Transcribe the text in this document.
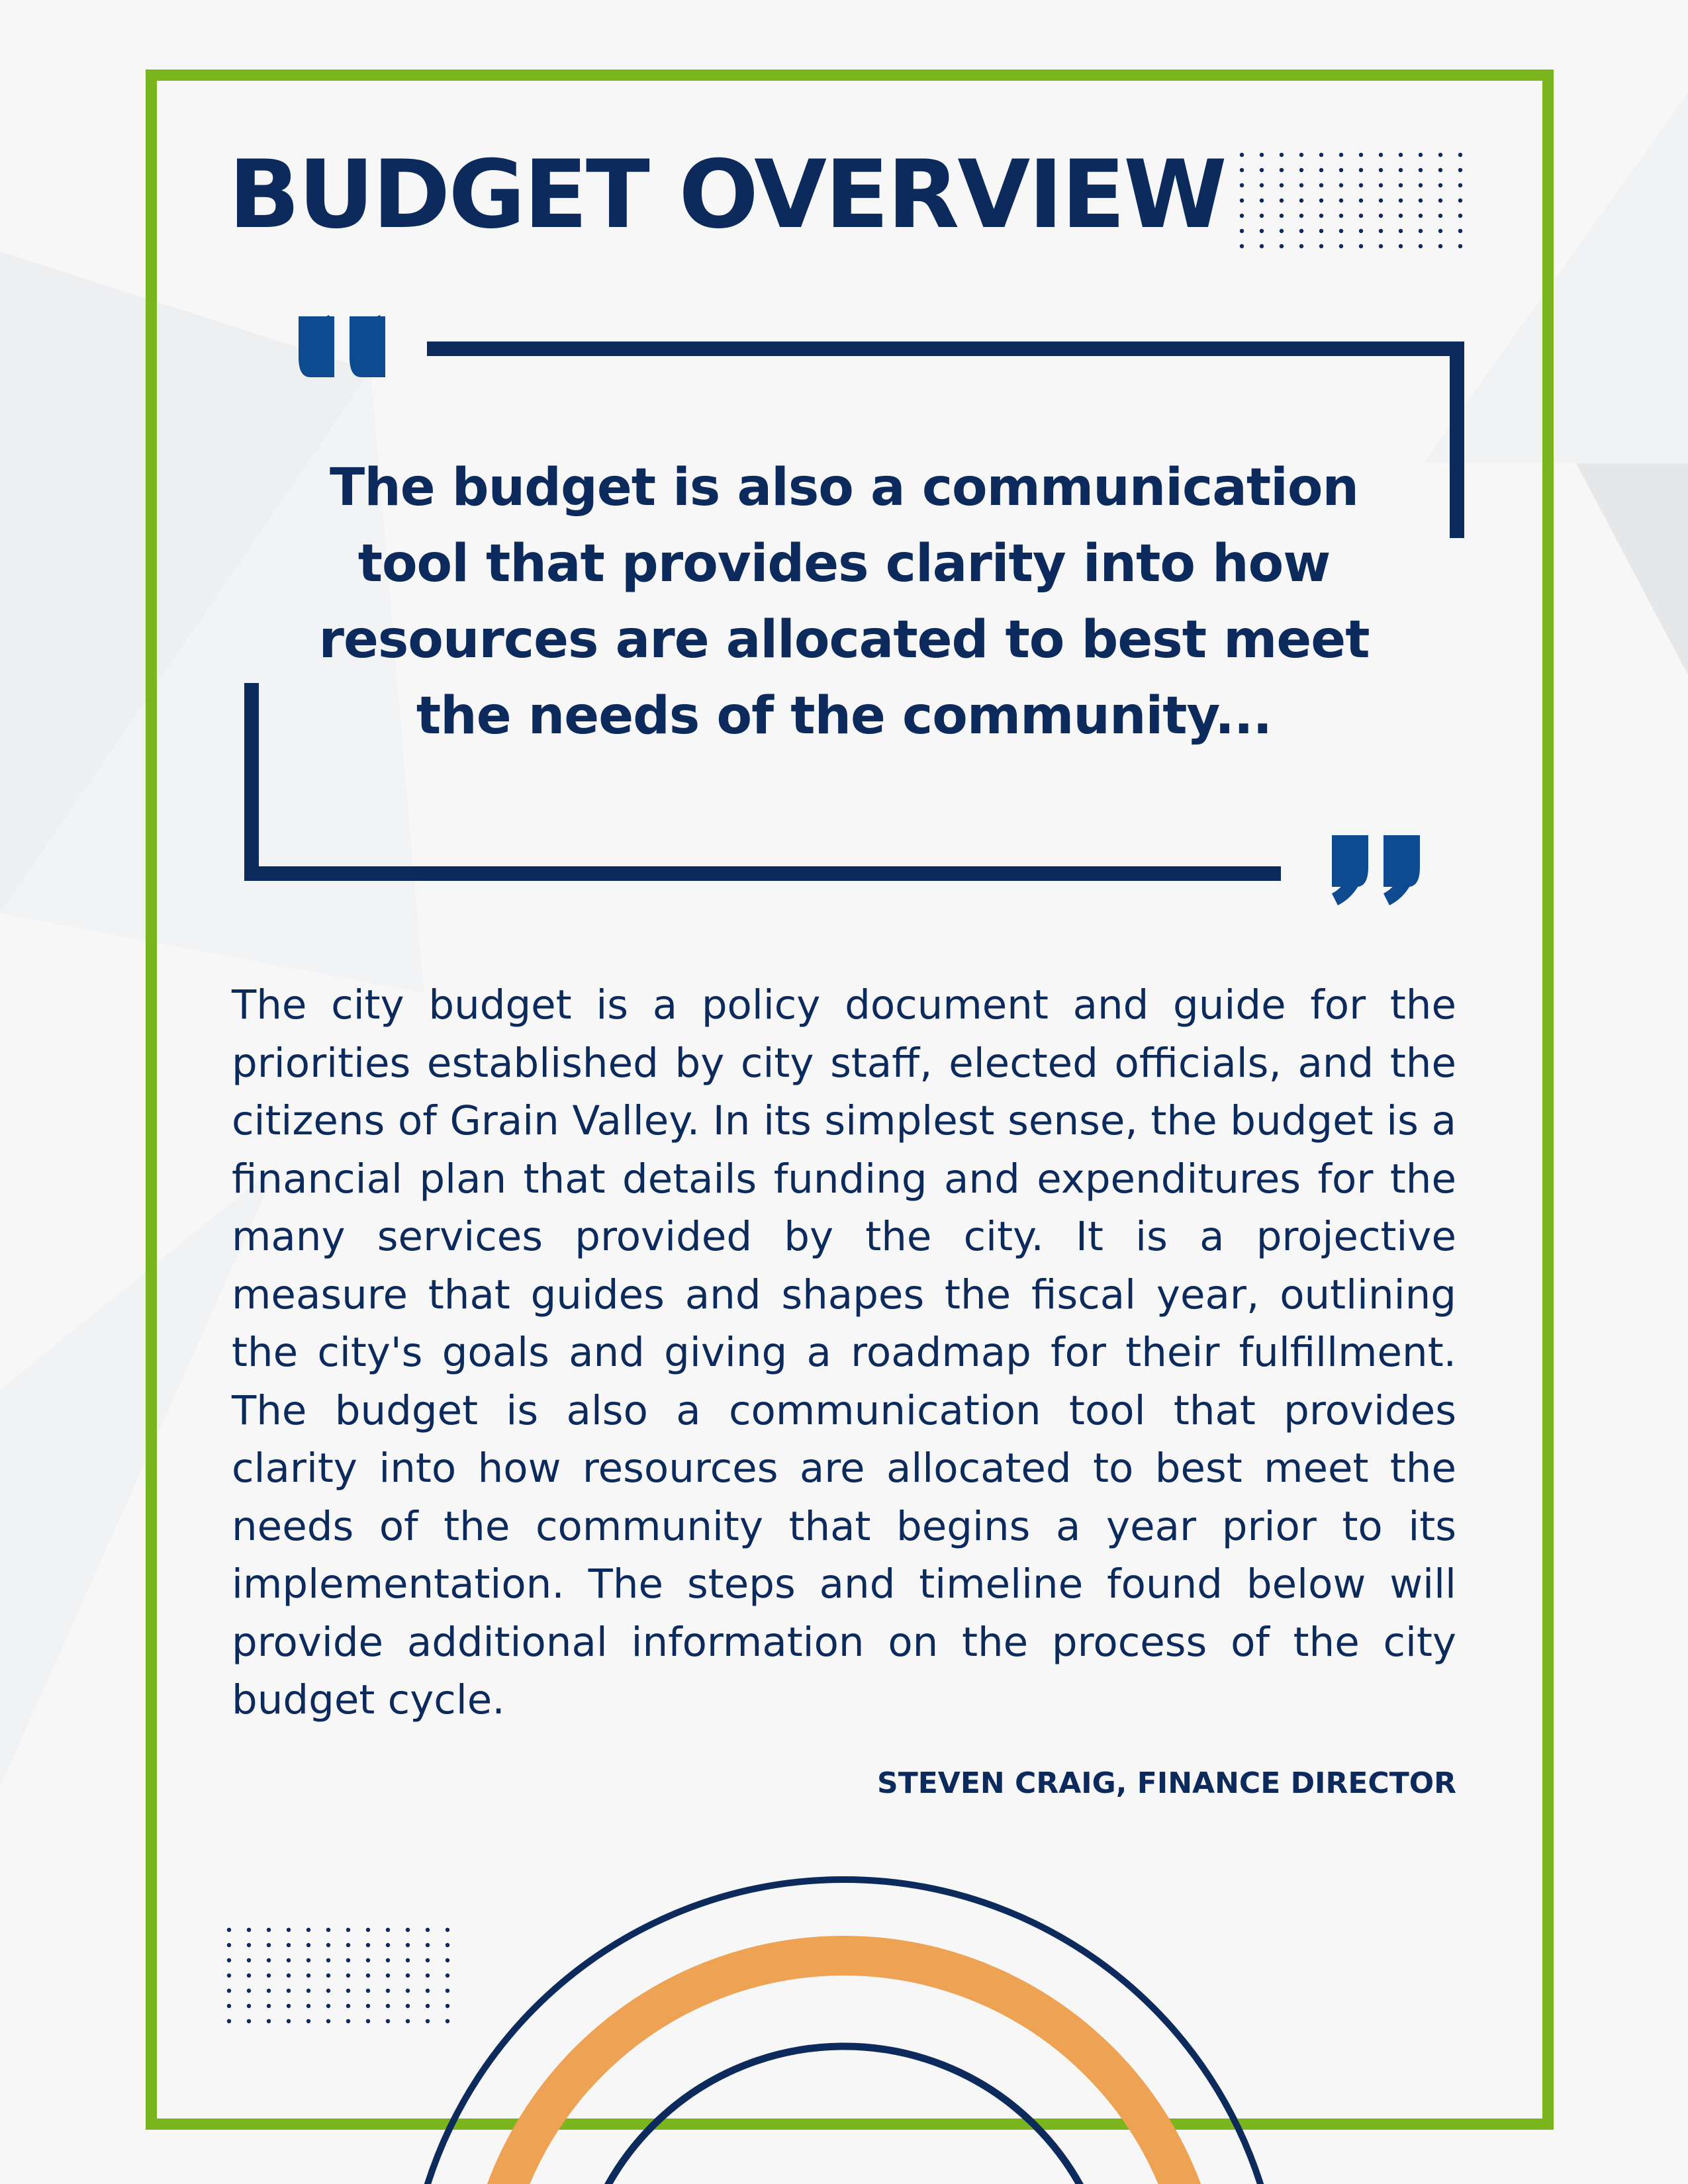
BUDGET OVERVIEW

The budget is also a communication tool that provides clarity into how resources are allocated to best meet the needs of the community...

The city budget is a policy document and guide for the priorities established by city staff, elected officials, and the citizens of Grain Valley. In its simplest sense, the budget is a financial plan that details funding and expenditures for the many services provided by the city. It is a projective measure that guides and shapes the fiscal year, outlining the city's goals and giving a roadmap for their fulfillment. The budget is also a communication tool that provides clarity into how resources are allocated to best meet the needs of the community that begins a year prior to its implementation. The steps and timeline found below will provide additional information on the process of the city budget cycle.

STEVEN CRAIG, FINANCE DIRECTOR
